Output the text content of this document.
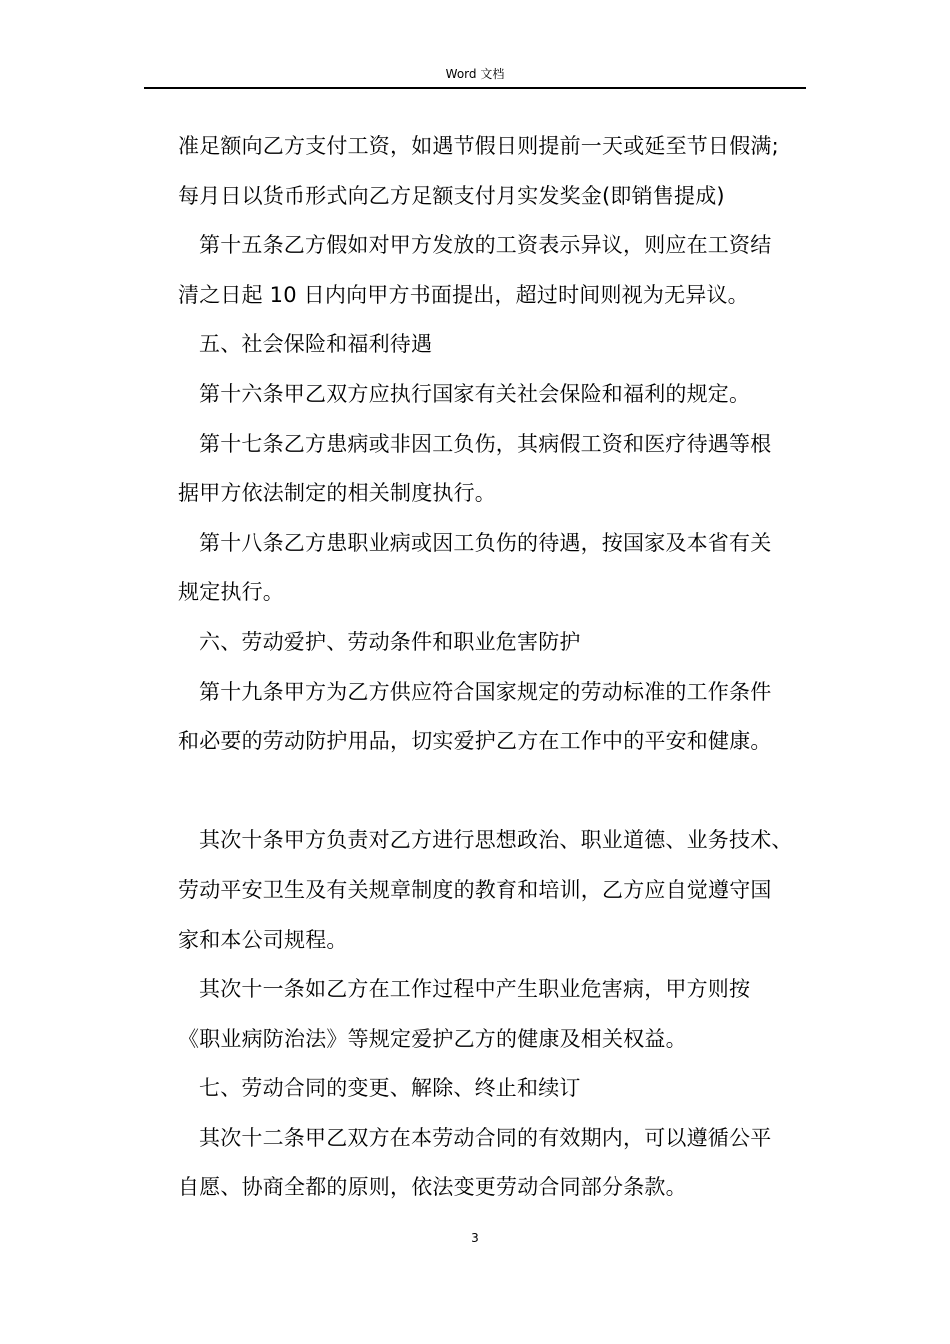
Word 文档
准足额向乙方支付工资，如遇节假日则提前一天或延至节日假满;
每月日以货币形式向乙方足额支付月实发奖金(即销售提成)
第十五条乙方假如对甲方发放的工资表示异议，则应在工资结
清之日起 10 日内向甲方书面提出，超过时间则视为无异议。
五、社会保险和福利待遇
第十六条甲乙双方应执行国家有关社会保险和福利的规定。
第十七条乙方患病或非因工负伤，其病假工资和医疗待遇等根
据甲方依法制定的相关制度执行。
第十八条乙方患职业病或因工负伤的待遇，按国家及本省有关
规定执行。
六、劳动爱护、劳动条件和职业危害防护
第十九条甲方为乙方供应符合国家规定的劳动标准的工作条件
和必要的劳动防护用品，切实爱护乙方在工作中的平安和健康。
其次十条甲方负责对乙方进行思想政治、职业道德、业务技术、
劳动平安卫生及有关规章制度的教育和培训，乙方应自觉遵守国
家和本公司规程。
其次十一条如乙方在工作过程中产生职业危害病，甲方则按
《职业病防治法》等规定爱护乙方的健康及相关权益。
七、劳动合同的变更、解除、终止和续订
其次十二条甲乙双方在本劳动合同的有效期内，可以遵循公平
自愿、协商全都的原则，依法变更劳动合同部分条款。
3
